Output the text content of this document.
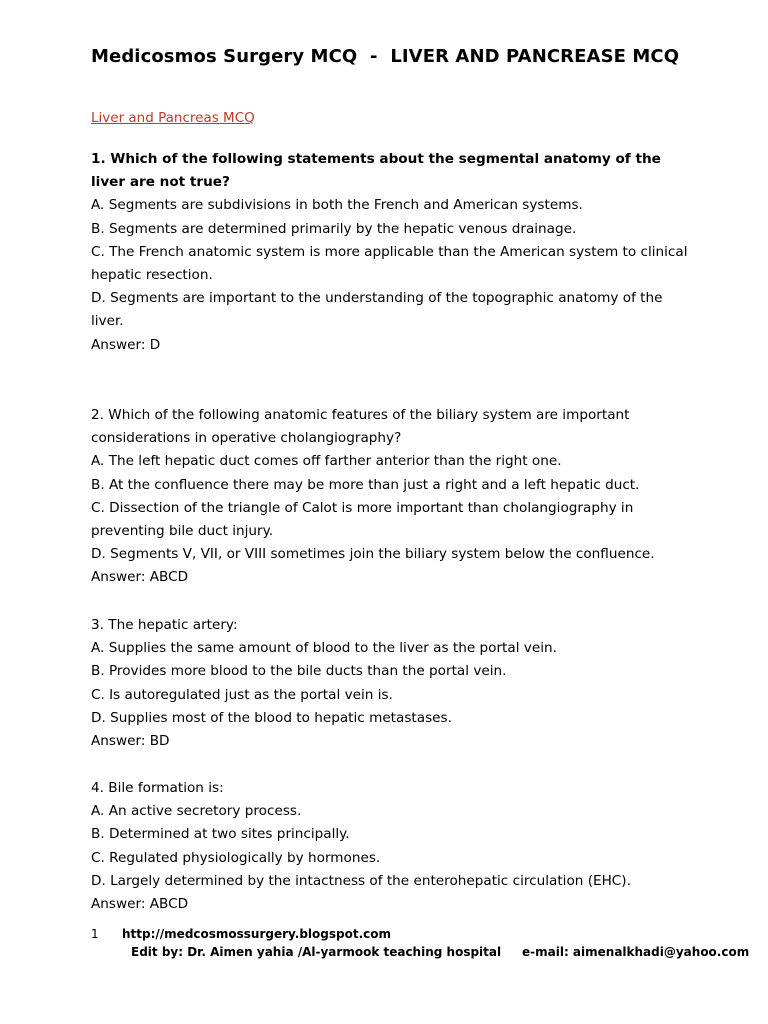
Medicosmos Surgery MCQ  -  LIVER AND PANCREASE MCQ

Liver and Pancreas MCQ

1. Which of the following statements about the segmental anatomy of the liver are not true?

A. Segments are subdivisions in both the French and American systems.

B. Segments are determined primarily by the hepatic venous drainage.

C. The French anatomic system is more applicable than the American system to clinical hepatic resection.

D. Segments are important to the understanding of the topographic anatomy of the liver.

Answer: D

2. Which of the following anatomic features of the biliary system are important considerations in operative cholangiography?

A. The left hepatic duct comes off farther anterior than the right one.

B. At the confluence there may be more than just a right and a left hepatic duct.

C. Dissection of the triangle of Calot is more important than cholangiography in preventing bile duct injury.

D. Segments V, VII, or VIII sometimes join the biliary system below the confluence.

Answer: ABCD

3. The hepatic artery:

A. Supplies the same amount of blood to the liver as the portal vein.

B. Provides more blood to the bile ducts than the portal vein.

C. Is autoregulated just as the portal vein is.

D. Supplies most of the blood to hepatic metastases.

Answer: BD

4. Bile formation is:

A. An active secretory process.

B. Determined at two sites principally.

C. Regulated physiologically by hormones.

D. Largely determined by the intactness of the enterohepatic circulation (EHC).

Answer: ABCD

1 http://medcosmossurgery.blogspot.com
Edit by: Dr. Aimen yahia /Al-yarmook teaching hospital     e-mail: aimenalkhadi@yahoo.com
